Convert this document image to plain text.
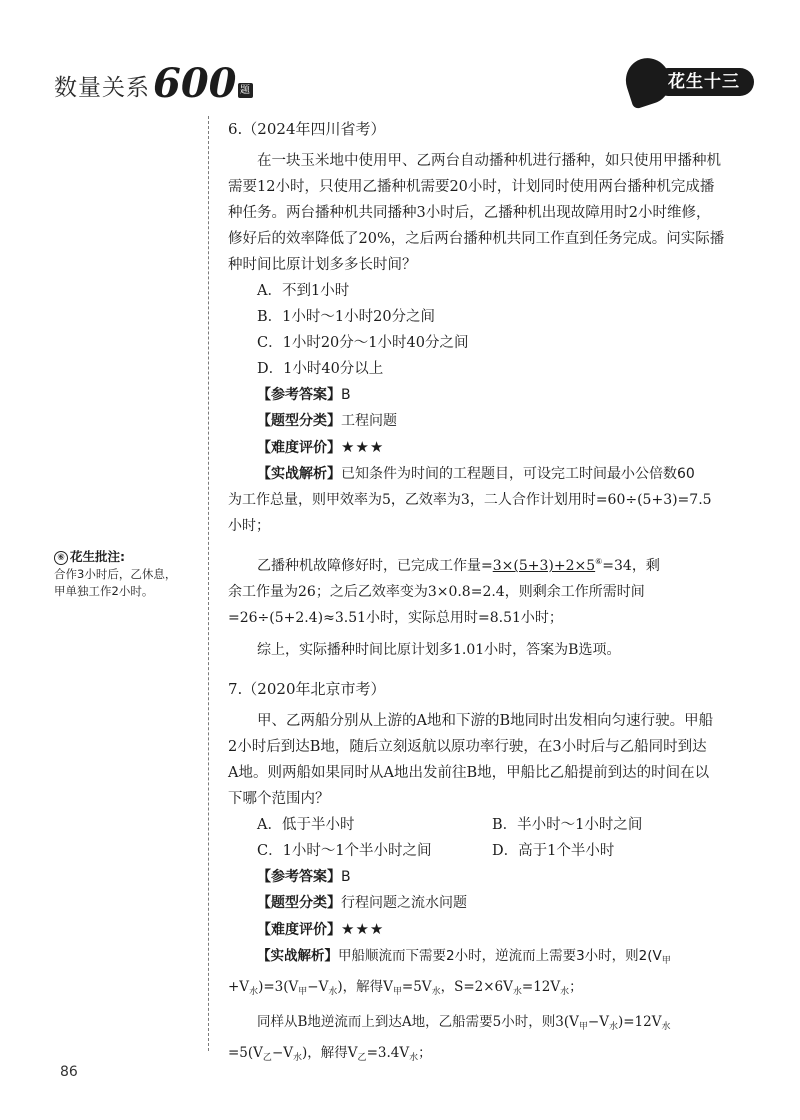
数量关系 600 题	花生十三
⑥ 花生批注:
合作3小时后，乙休息，
甲单独工作2小时。
6.（2024年四川省考）

在一块玉米地中使用甲、乙两台自动播种机进行播种，如只使用甲播种机

需要12小时，只使用乙播种机需要20小时，计划同时使用两台播种机完成播
种任务。两台播种机共同播种3小时后，乙播种机出现故障用时2小时维修，
修好后的效率降低了20%，之后两台播种机共同工作直到任务完成。问实际播
种时间比原计划多多长时间？
A．不到1小时
B．1小时～1小时20分之间
C．1小时20分～1小时40分之间
D．1小时40分以上
【参考答案】B
【题型分类】工程问题
【难度评价】★★★
【实战解析】已知条件为时间的工程题目，可设完工时间最小公倍数60
为工作总量，则甲效率为5，乙效率为3，二人合作计划用时=60÷(5+3)=7.5
小时；

乙播种机故障修好时，已完成工作量=3×(5+3)+2×5⑥=34，剩

余工作量为26；之后乙效率变为3×0.8=2.4，则剩余工作所需时间
=26÷(5+2.4)≈3.51小时，实际总用时=8.51小时；

综上，实际播种时间比原计划多1.01小时，答案为B选项。

7.（2020年北京市考）

甲、乙两船分别从上游的A地和下游的B地同时出发相向匀速行驶。甲船

2小时后到达B地，随后立刻返航以原功率行驶，在3小时后与乙船同时到达
A地。则两船如果同时从A地出发前往B地，甲船比乙船提前到达的时间在以
下哪个范围内？
A．低于半小时	B．半小时～1小时之间
C．1小时～1个半小时之间	D．高于1个半小时
【参考答案】B
【题型分类】行程问题之流水问题
【难度评价】★★★
【实战解析】甲船顺流而下需要2小时，逆流而上需要3小时，则$2(V_甲$
$+V_水)=3(V_甲-V_水)$，解得$V_甲=5V_水$，$S=2\times 6V_水=12V_水$；

同样从B地逆流而上到达A地，乙船需要5小时，则$3(V_甲-V_水)=12V_水$

$=5(V_乙-V_水)$，解得$V_乙=3.4V_水$；
86
